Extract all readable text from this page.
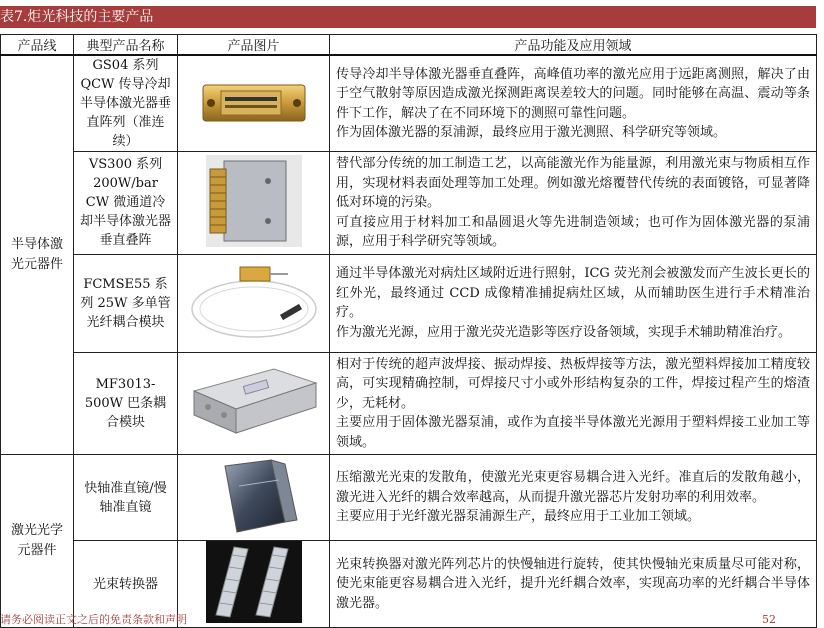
表7.炬光科技的主要产品
产品线	典型产品名称	产品图片	产品功能及应用领域
半导体激光元器件	GS04 系列 QCW 传导冷却半导体激光器垂直阵列（准连续）		传导冷却半导体激光器垂直叠阵，高峰值功率的激光应用于远距离测照，解决了由于空气散射等原因造成激光探测距离误差较大的问题。同时能够在高温、震动等条件下工作，解决了在不同环境下的测照可靠性问题。

作为固体激光器的泵浦源，最终应用于激光测照、科学研究等领域。

	VS300 系列 200W/bar CW 微通道冷却半导体激光器垂直叠阵		替代部分传统的加工制造工艺，以高能激光作为能量源，利用激光束与物质相互作用，实现材料表面处理等加工处理。例如激光熔覆替代传统的表面镀铬，可显著降低对环境的污染。

可直接应用于材料加工和晶圆退火等先进制造领域；也可作为固体激光器的泵浦源，应用于科学研究等领域。

	FCMSE55 系列 25W 多单管光纤耦合模块		通过半导体激光对病灶区域附近进行照射，ICG 荧光剂会被激发而产生波长更长的红外光，最终通过 CCD 成像精准捕捉病灶区域，从而辅助医生进行手术精准治疗。

作为激光光源，应用于激光荧光造影等医疗设备领域，实现手术辅助精准治疗。

	MF3013-500W 巴条耦合模块		相对于传统的超声波焊接、振动焊接、热板焊接等方法，激光塑料焊接加工精度较高，可实现精确控制，可焊接尺寸小或外形结构复杂的工件，焊接过程产生的熔渣少，无耗材。

主要应用于固体激光器泵浦，或作为直接半导体激光光源用于塑料焊接工业加工等领域。

激光光学元器件	快轴准直镜/慢轴准直镜		压缩激光光束的发散角，使激光光束更容易耦合进入光纤。准直后的发散角越小，激光进入光纤的耦合效率越高，从而提升激光器芯片发射功率的利用效率。

主要应用于光纤激光器泵浦源生产，最终应用于工业加工领域。

	光束转换器		光束转换器对激光阵列芯片的快慢轴进行旋转，使其快慢轴光束质量尽可能对称，使光束能更容易耦合进入光纤，提升光纤耦合效率，实现高功率的光纤耦合半导体激光器。

请务必阅读正文之后的免责条款和声明	52
